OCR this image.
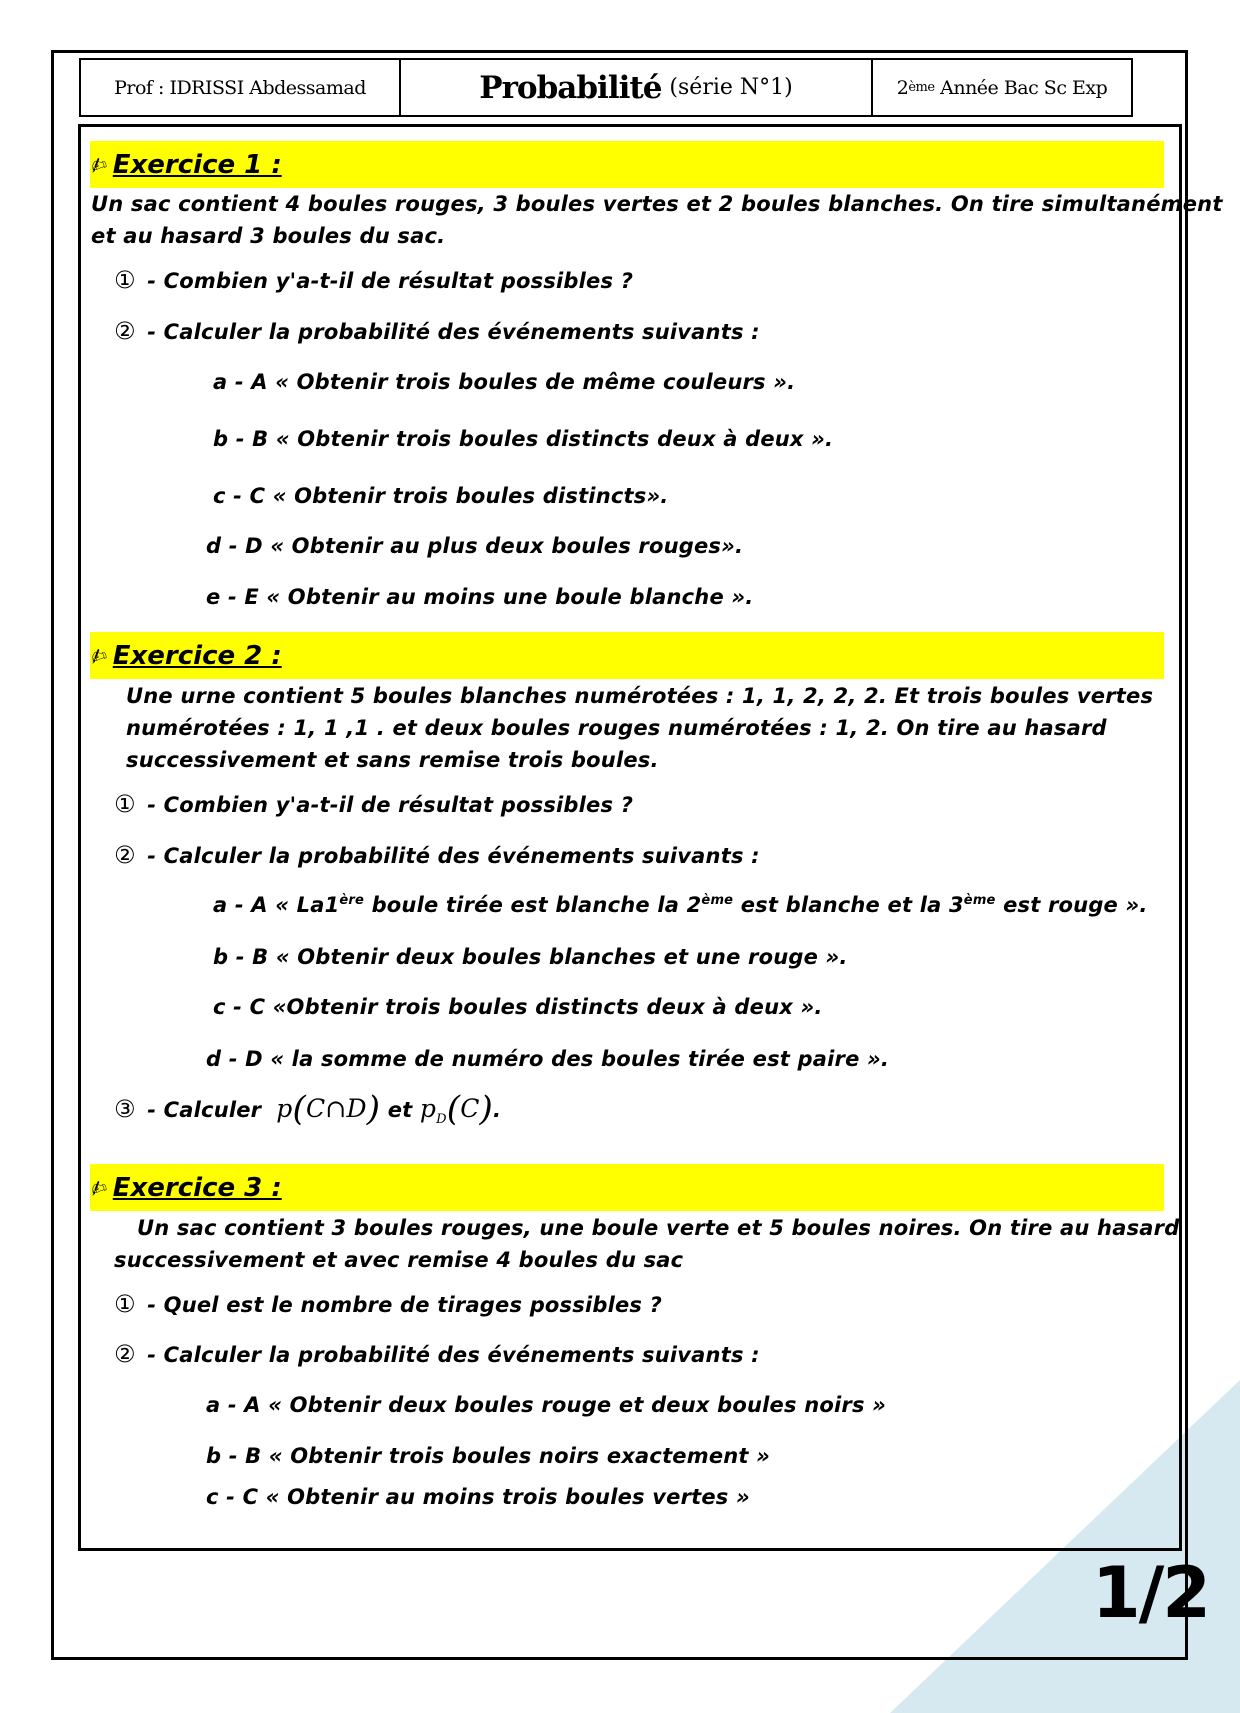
Prof : IDRISSI Abdessamad	Probabilité (série N°1)	2 ème
Année Bac Sc Exp
✍ Exercice 1 :
Un sac contient 4 boules rouges, 3 boules vertes et 2 boules blanches. On tire simultanément
et au hasard 3 boules du sac.
① - Combien y'a-t-il de résultat possibles ?
② - Calculer la probabilité des événements suivants :
a - A « Obtenir trois boules de même couleurs ».
b - B « Obtenir trois boules distincts deux à deux ».
c - C « Obtenir trois boules distincts».
d - D « Obtenir au plus deux boules rouges».
e - E « Obtenir au moins une boule blanche ».
✍ Exercice 2 :
Une urne contient 5 boules blanches numérotées : 1, 1, 2, 2, 2. Et trois boules vertes
numérotées : 1, 1 ,1 . et deux boules rouges numérotées : 1, 2. On tire au hasard
successivement et sans remise trois boules.
① - Combien y'a-t-il de résultat possibles ?
② - Calculer la probabilité des événements suivants :
a - A « La1ère boule tirée est blanche la 2ème est blanche et la 3ème est rouge ».
b - B « Obtenir deux boules blanches et une rouge ».
c - C «Obtenir trois boules distincts deux à deux ».
d - D « la somme de numéro des boules tirée est paire ».
③ - Calculer p(C∩D) et $p_D(C)$.
✍ Exercice 3 :
Un sac contient 3 boules rouges, une boule verte et 5 boules noires. On tire au hasard
successivement et avec remise 4 boules du sac
① - Quel est le nombre de tirages possibles ?
② - Calculer la probabilité des événements suivants :
a - A « Obtenir deux boules rouge et deux boules noirs »
b - B « Obtenir trois boules noirs exactement »
c - C « Obtenir au moins trois boules vertes »
1/2
